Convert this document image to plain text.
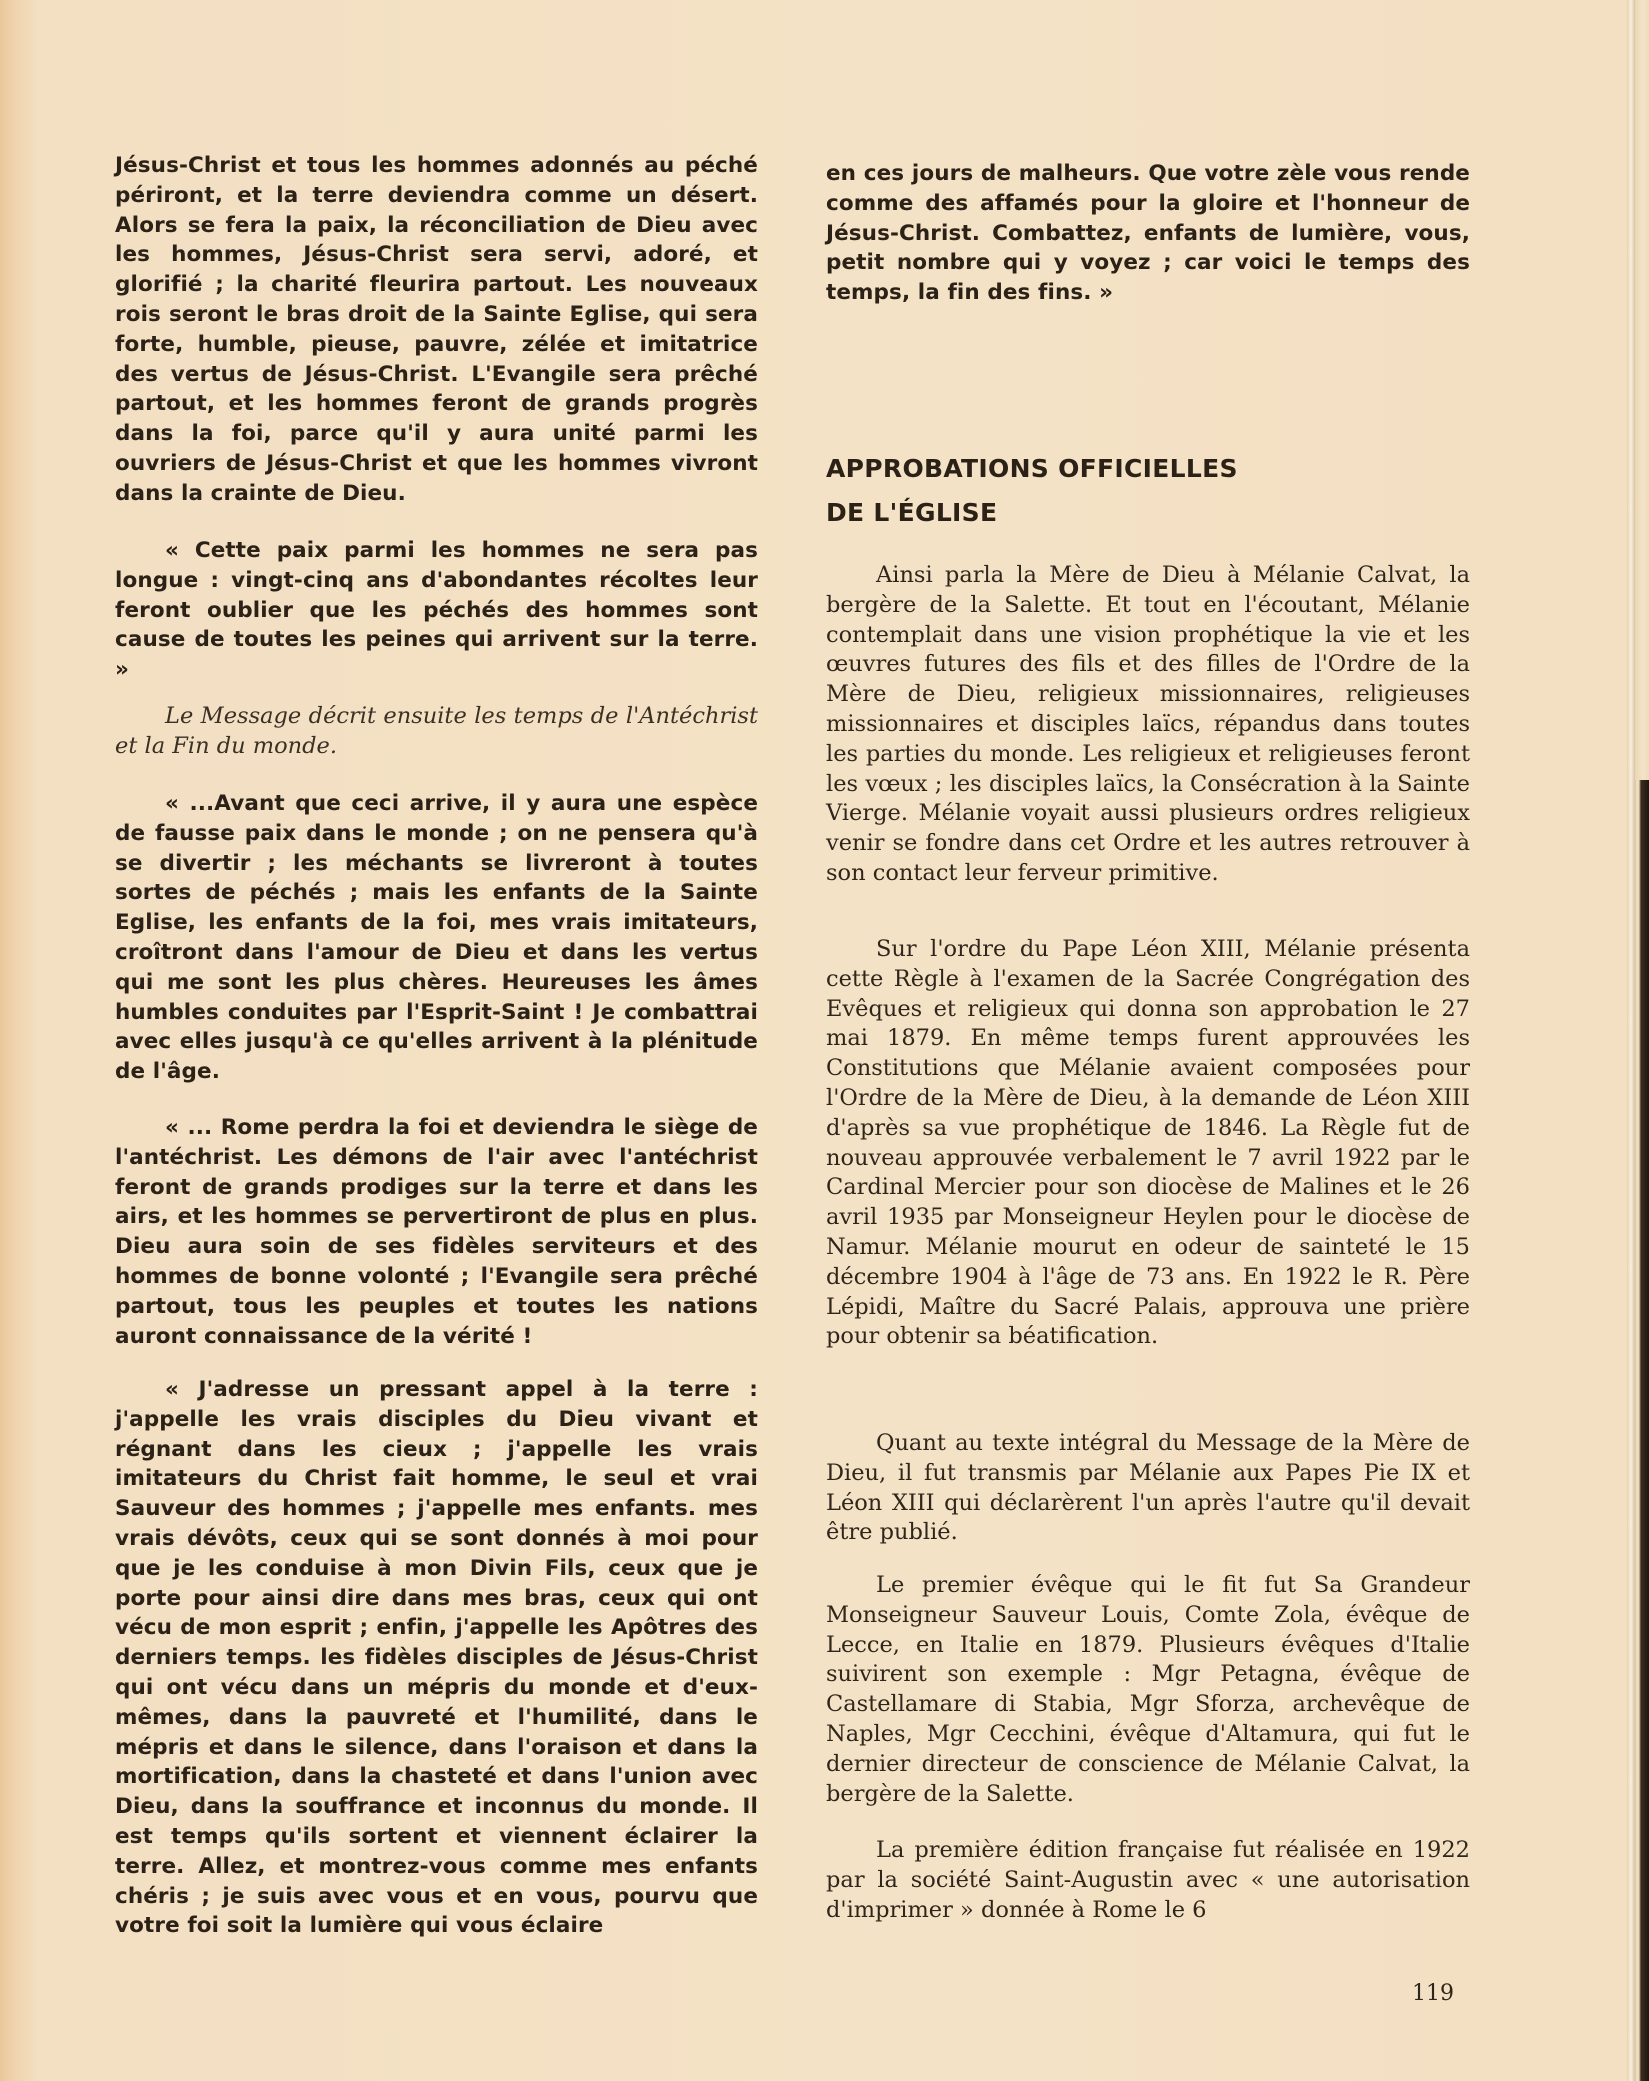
Jésus-Christ et tous les hommes adonnés au péché périront, et la terre deviendra comme un désert. Alors se fera la paix, la réconciliation de Dieu avec les hommes, Jésus-Christ sera servi, adoré, et glorifié ; la charité fleurira partout. Les nouveaux rois seront le bras droit de la Sainte Eglise, qui sera forte, humble, pieuse, pauvre, zélée et imitatrice des vertus de Jésus-Christ. L'Evangile sera prêché partout, et les hommes feront de grands progrès dans la foi, parce qu'il y aura unité parmi les ouvriers de Jésus-Christ et que les hommes vivront dans la crainte de Dieu.

« Cette paix parmi les hommes ne sera pas longue : vingt-cinq ans d'abondantes récoltes leur feront oublier que les péchés des hommes sont cause de toutes les peines qui arrivent sur la terre. »

Le Message décrit ensuite les temps de l'Antéchrist et la Fin du monde.

« ...Avant que ceci arrive, il y aura une espèce de fausse paix dans le monde ; on ne pensera qu'à se divertir ; les méchants se livreront à toutes sortes de péchés ; mais les enfants de la Sainte Eglise, les enfants de la foi, mes vrais imitateurs, croîtront dans l'amour de Dieu et dans les vertus qui me sont les plus chères. Heureuses les âmes humbles conduites par l'Esprit-Saint ! Je combattrai avec elles jusqu'à ce qu'elles arrivent à la plénitude de l'âge.

« ... Rome perdra la foi et deviendra le siège de l'antéchrist. Les démons de l'air avec l'antéchrist feront de grands prodiges sur la terre et dans les airs, et les hommes se pervertiront de plus en plus. Dieu aura soin de ses fidèles serviteurs et des hommes de bonne volonté ; l'Evangile sera prêché partout, tous les peuples et toutes les nations auront connaissance de la vérité !

« J'adresse un pressant appel à la terre : j'appelle les vrais disciples du Dieu vivant et régnant dans les cieux ; j'appelle les vrais imitateurs du Christ fait homme, le seul et vrai Sauveur des hommes ; j'appelle mes enfants. mes vrais dévôts, ceux qui se sont donnés à moi pour que je les conduise à mon Divin Fils, ceux que je porte pour ainsi dire dans mes bras, ceux qui ont vécu de mon esprit ; enfin, j'appelle les Apôtres des derniers temps. les fidèles disciples de Jésus-Christ qui ont vécu dans un mépris du monde et d'eux-mêmes, dans la pauvreté et l'humilité, dans le mépris et dans le silence, dans l'oraison et dans la mortification, dans la chasteté et dans l'union avec Dieu, dans la souffrance et inconnus du monde. Il est temps qu'ils sortent et viennent éclairer la terre. Allez, et montrez-vous comme mes enfants chéris ; je suis avec vous et en vous, pourvu que votre foi soit la lumière qui vous éclaire

en ces jours de malheurs. Que votre zèle vous rende comme des affamés pour la gloire et l'honneur de Jésus-Christ. Combattez, enfants de lumière, vous, petit nombre qui y voyez ; car voici le temps des temps, la fin des fins. »

APPROBATIONS OFFICIELLES
DE L'ÉGLISE

119

Ainsi parla la Mère de Dieu à Mélanie Calvat, la bergère de la Salette. Et tout en l'écoutant, Mélanie contemplait dans une vision prophétique la vie et les œuvres futures des fils et des filles de l'Ordre de la Mère de Dieu, religieux missionnaires, religieuses missionnaires et disciples laïcs, répandus dans toutes les parties du monde. Les religieux et religieuses feront les vœux ; les disciples laïcs, la Consécration à la Sainte Vierge. Mélanie voyait aussi plusieurs ordres religieux venir se fondre dans cet Ordre et les autres retrouver à son contact leur ferveur primitive.

Sur l'ordre du Pape Léon XIII, Mélanie présenta cette Règle à l'examen de la Sacrée Congrégation des Evêques et religieux qui donna son approbation le 27 mai 1879. En même temps furent approuvées les Constitutions que Mélanie avaient composées pour l'Ordre de la Mère de Dieu, à la demande de Léon XIII d'après sa vue prophétique de 1846. La Règle fut de nouveau approuvée verbalement le 7 avril 1922 par le Cardinal Mercier pour son diocèse de Malines et le 26 avril 1935 par Monseigneur Heylen pour le diocèse de Namur. Mélanie mourut en odeur de sainteté le 15 décembre 1904 à l'âge de 73 ans. En 1922 le R. Père Lépidi, Maître du Sacré Palais, approuva une prière pour obtenir sa béatification.

Quant au texte intégral du Message de la Mère de Dieu, il fut transmis par Mélanie aux Papes Pie IX et Léon XIII qui déclarèrent l'un après l'autre qu'il devait être publié.

Le premier évêque qui le fit fut Sa Grandeur Monseigneur Sauveur Louis, Comte Zola, évêque de Lecce, en Italie en 1879. Plusieurs évêques d'Italie suivirent son exemple : Mgr Petagna, évêque de Castellamare di Stabia, Mgr Sforza, archevêque de Naples, Mgr Cecchini, évêque d'Altamura, qui fut le dernier directeur de conscience de Mélanie Calvat, la bergère de la Salette.

La première édition française fut réalisée en 1922 par la société Saint-Augustin avec « une autorisation d'imprimer » donnée à Rome le 6
